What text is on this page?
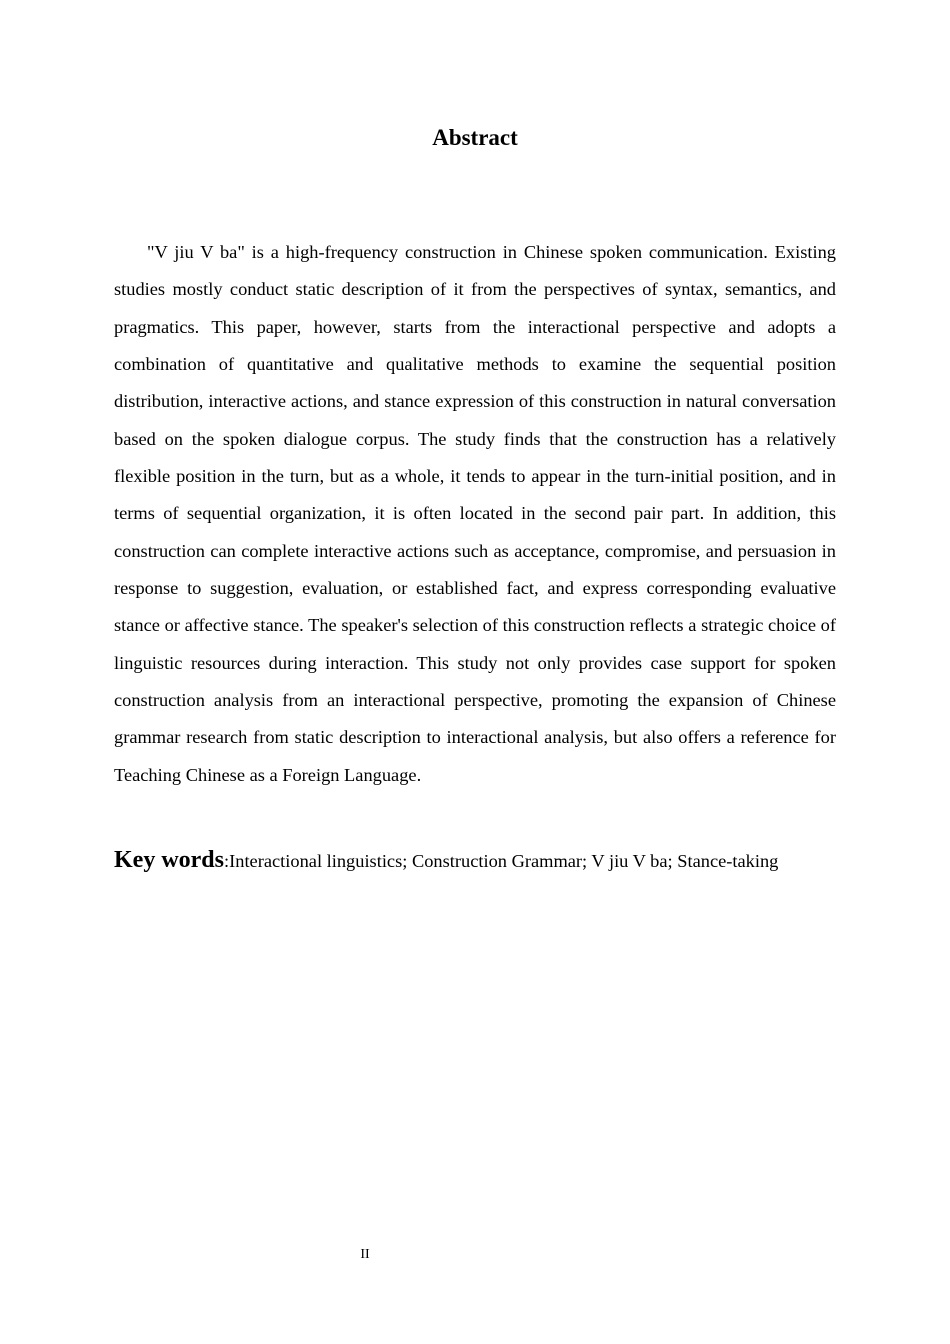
Abstract

"V jiu V ba" is a high-frequency construction in Chinese spoken communication. Existing studies mostly conduct static description of it from the perspectives of syntax, semantics, and pragmatics. This paper, however, starts from the interactional perspective and adopts a combination of quantitative and qualitative methods to examine the sequential position distribution, interactive actions, and stance expression of this construction in natural conversation based on the spoken dialogue corpus. The study finds that the construction has a relatively flexible position in the turn, but as a whole, it tends to appear in the turn-initial position, and in terms of sequential organization, it is often located in the second pair part. In addition, this construction can complete interactive actions such as acceptance, compromise, and persuasion in response to suggestion, evaluation, or established fact, and express corresponding evaluative stance or affective stance. The speaker's selection of this construction reflects a strategic choice of linguistic resources during interaction. This study not only provides case support for spoken construction analysis from an interactional perspective, promoting the expansion of Chinese grammar research from static description to interactional analysis, but also offers a reference for Teaching Chinese as a Foreign Language.

Key words:Interactional linguistics; Construction Grammar; V jiu V ba; Stance-taking

II
